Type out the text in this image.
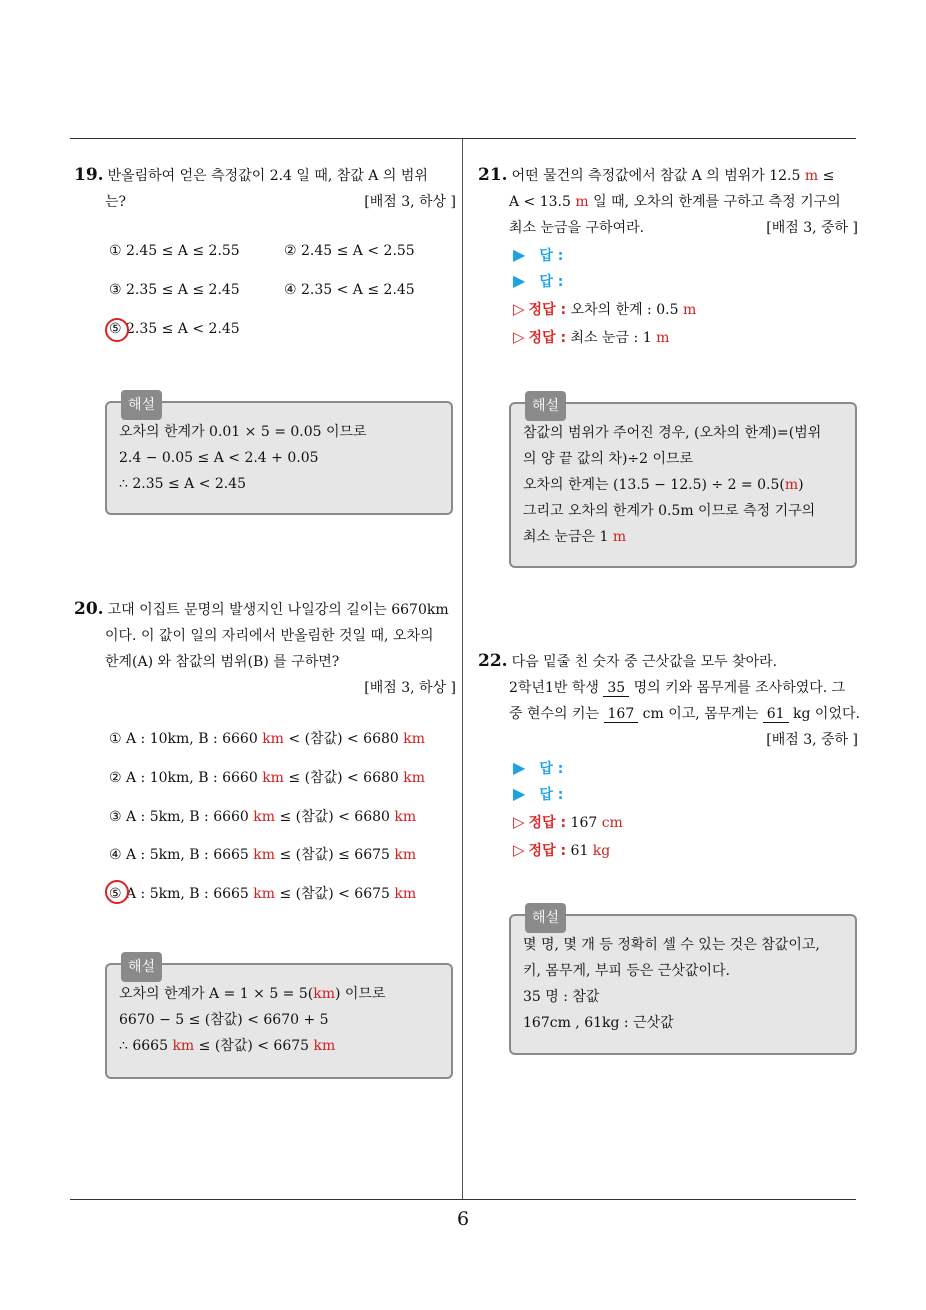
6
19. 반올림하여 얻은 측정값이 2.4 일 때, 참값 A 의 범위
는?	[배점 3, 하상 ]
① 2.45 ≤ A ≤ 2.55	② 2.45 ≤ A < 2.55
③ 2.35 ≤ A ≤ 2.45	④ 2.35 < A ≤ 2.45
⑤ 2.35 ≤ A < 2.45
해설
오차의 한계가 0.01 × 5 = 0.05 이므로
2.4 − 0.05 ≤ A < 2.4 + 0.05
∴ 2.35 ≤ A < 2.45
20. 고대 이집트 문명의 발생지인 나일강의 길이는 6670km
이다. 이 값이 일의 자리에서 반올림한 것일 때, 오차의
한계(A) 와 참값의 범위(B) 를 구하면?
[배점 3, 하상 ]
① A : 10km, B : 6660 km < (참값) < 6680 km
② A : 10km, B : 6660 km ≤ (참값) < 6680 km
③ A : 5km, B : 6660 km ≤ (참값) < 6680 km
④ A : 5km, B : 6665 km ≤ (참값) ≤ 6675 km
⑤ A : 5km, B : 6665 km ≤ (참값) < 6675 km
해설
오차의 한계가 A = 1 × 5 = 5(km) 이므로
6670 − 5 ≤ (참값) < 6670 + 5
∴ 6665 km ≤ (참값) < 6675 km
21. 어떤 물건의 측정값에서 참값 A 의 범위가 12.5 m ≤
A < 13.5 m 일 때, 오차의 한계를 구하고 측정 기구의
최소 눈금을 구하여라.	[배점 3, 중하 ]
▶ 답 :
▶ 답 :
▷ 정답 : 오차의 한계 : 0.5 m
▷ 정답 : 최소 눈금 : 1 m
해설
참값의 범위가 주어진 경우, (오차의 한계)=(범위
의 양 끝 값의 차)÷2 이므로
오차의 한계는 (13.5 − 12.5) ÷ 2 = 0.5(m)
그리고 오차의 한계가 0.5m 이므로 측정 기구의
최소 눈금은 1 m
22. 다음 밑줄 친 숫자 중 근삿값을 모두 찾아라.
2학년1반 학생 35 명의 키와 몸무게를 조사하였다. 그
중 현수의 키는 167 cm 이고, 몸무게는 61 kg 이었다.
[배점 3, 중하 ]
▶ 답 :
▶ 답 :
▷ 정답 : 167 cm
▷ 정답 : 61 kg
해설
몇 명, 몇 개 등 정확히 셀 수 있는 것은 참값이고,
키, 몸무게, 부피 등은 근삿값이다.
35 명 : 참값
167cm , 61kg : 근삿값
